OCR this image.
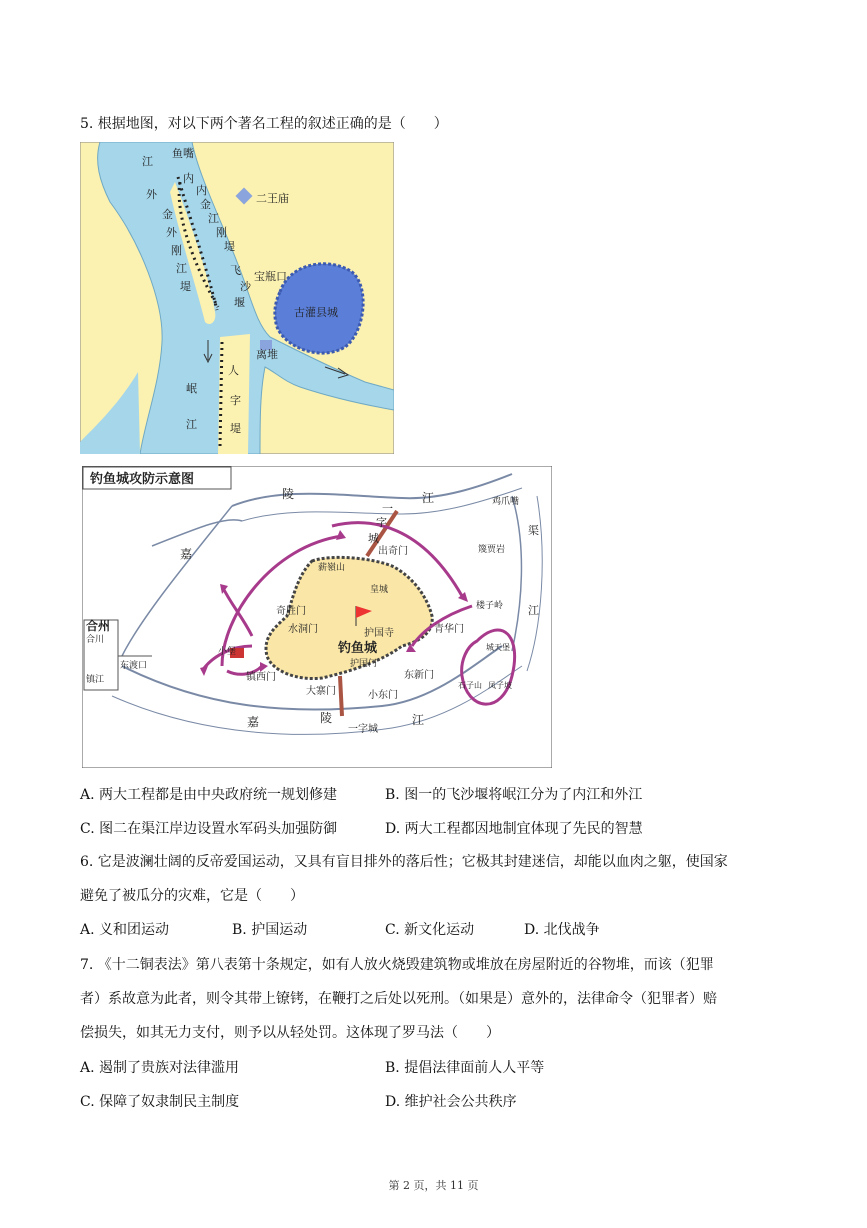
5. 根据地图，对以下两个著名工程的叙述正确的是（　　）
鱼嘴
江
外
内
内
金
江
刚
堤
金
外
刚
江
堤
飞
沙
堰
二王庙
宝瓶口
古灌县城
离堆
岷
江
人
字
堤
钓鱼城攻防示意图
陵	江
嘉
嘉	陵	江
渠
江
合州
合川
东渡口
镇江
一
字
城
出奇门
薪嶺山
皇城
奇胜门
水洞门	护国寺
钓鱼城
护国门
小堡
镇西门	东新门
大寨门	小东门
一字城
青华门
楼子岭
城天堡
石子山 凤子坡
篾贾岩
鸡爪嘴
A. 两大工程都是由中央政府统一规划修建	B. 图一的飞沙堰将岷江分为了内江和外江
C. 图二在渠江岸边设置水军码头加强防御	D. 两大工程都因地制宜体现了先民的智慧
6. 它是波澜壮阔的反帝爱国运动，又具有盲目排外的落后性；它极其封建迷信，却能以血肉之躯，使国家
避免了被瓜分的灾难，它是（　　）
A. 义和团运动	B. 护国运动	C. 新文化运动	D. 北伐战争
7. 《十二铜表法》第八表第十条规定，如有人放火烧毁建筑物或堆放在房屋附近的谷物堆，而该（犯罪
者）系故意为此者，则令其带上镣铐，在鞭打之后处以死刑。（如果是）意外的，法律命令（犯罪者）赔
偿损失，如其无力支付，则予以从轻处罚。这体现了罗马法（　　）
A. 遏制了贵族对法律滥用	B. 提倡法律面前人人平等
C. 保障了奴隶制民主制度	D. 维护社会公共秩序
第 2 页，共 11 页
